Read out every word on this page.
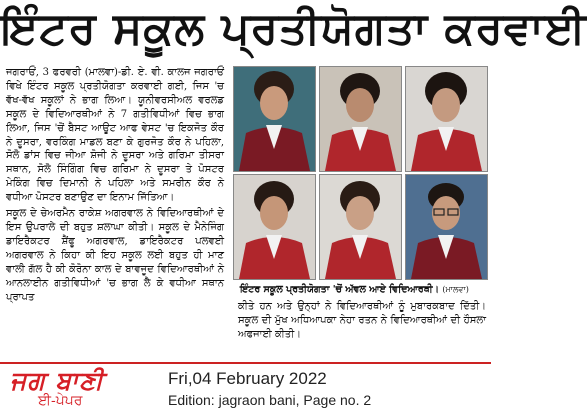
ਇੰਟਰ ਸਕੂਲ ਪ੍ਰਤੀਯੋਗਤਾ ਕਰਵਾਈ

ਜਗਰਾਓਂ, 3 ਫਰਵਰੀ (ਮਾਲਵਾ)-ਡੀ. ਏ. ਵੀ. ਕਾਲਜ ਜਗਰਾਓਂ ਵਿਖੇ ਇੰਟਰ ਸਕੂਲ ਪ੍ਰਤੀਯੋਗਤਾ ਕਰਵਾਈ ਗਈ, ਜਿਸ 'ਚ ਵੱਖ-ਵੱਖ ਸਕੂਲਾਂ ਨੇ ਭਾਗ ਲਿਆ। ਯੂਨੀਵਰਸੀਅਲ ਵਰਲਡ ਸਕੂਲ ਦੇ ਵਿਦਿਆਰਥੀਆਂ ਨੇ 7 ਗਤੀਵਿਧੀਆਂ ਵਿਚ ਭਾਗ ਲਿਆ, ਜਿਸ 'ਚੋਂ ਬੈਸਟ ਆਊਟ ਆਫ ਵੇਸਟ 'ਚ ਇਕਜੋਤ ਕੌਰ ਨੇ ਦੂਸਰਾ, ਵਰਕਿੰਗ ਮਾਡਲ ਬਣਾ ਕੇ ਗੁਰਜੋਤ ਕੌਰ ਨੇ ਪਹਿਲਾ, ਸੋਲੋ ਡਾਂਸ ਵਿਚ ਜੀਆ ਸ਼ੋਜੀ ਨੇ ਦੂਸਰਾ ਅਤੇ ਗਰਿਮਾ ਤੀਸਰਾ ਸਥਾਨ, ਸੋਲੋ ਸਿੰਗਿੰਗ ਵਿਚ ਗਰਿਮਾ ਨੇ ਦੂਸਰਾ ਤੇ ਪੋਸਟਰ ਮੇਕਿੰਗ ਵਿਚ ਦਿਮਾਨੀ ਨੇ ਪਹਿਲਾ ਅਤੇ ਸਮਰੀਨ ਕੌਰ ਨੇ ਵਧੀਆ ਪੋਸਟਰ ਬਣਾਉਣ ਦਾ ਇਨਾਮ ਜਿੱਤਿਆ।

ਸਕੂਲ ਦੇ ਚੇਅਰਮੈਨ ਰਾਕੇਸ਼ ਅਗਰਵਾਲ ਨੇ ਵਿਦਿਆਰਥੀਆਂ ਦੇ ਇਸ ਉਪਰਾਲੇ ਦੀ ਬਹੁਤ ਸ਼ਲਾਘਾ ਕੀਤੀ। ਸਕੂਲ ਦੇ ਮੈਨੇਜਿੰਗ ਡਾਇਰੈਕਟਰ ਸ਼ੈਂਫੂ ਅਗਰਵਾਲ, ਡਾਇਰੈਕਟਰ ਪਲਵਈ ਅਗਰਵਾਲ ਨੇ ਕਿਹਾ ਕੀ ਇਹ ਸਕੂਲ ਲਈ ਬਹੁਤ ਹੀ ਮਾਣ ਵਾਲੀ ਗੱਲ ਹੈ ਕੀ ਕੋਰੋਨਾ ਕਾਲ ਦੇ ਬਾਵਜੂਦ ਵਿਦਿਆਰਥੀਆਂ ਨੇ ਆਨਲਾਈਨ ਗਤੀਵਿਧੀਆਂ 'ਚ ਭਾਗ ਲੈ ਕੇ ਵਧੀਆ ਸਥਾਨ ਪ੍ਰਾਪਤ

ਇੰਟਰ ਸਕੂਲ ਪ੍ਰਤੀਯੋਗਤਾ 'ਚੋਂ ਅੱਵਲ ਆਏ ਵਿਦਿਆਰਥੀ। (ਮਾਲਵਾ)
ਕੀਤੇ ਹਨ ਅਤੇ ਉਨ੍ਹਾਂ ਨੇ ਵਿਦਿਆਰਥੀਆਂ ਨੂੰ ਮੁਬਾਰਕਬਾਦ ਦਿੱਤੀ। ਸਕੂਲ ਦੀ ਮੁੱਖ ਅਧਿਆਪਕਾ ਨੇਹਾ ਰਤਨ ਨੇ ਵਿਦਿਆਰਥੀਆਂ ਦੀ ਹੌਸਲਾ ਅਫਜਾਈ ਕੀਤੀ।
ਜਗ ਬਾਣੀ
ਈ-ਪੇਪਰ
Fri,04 February 2022
Edition: jagraon bani, Page no. 2
